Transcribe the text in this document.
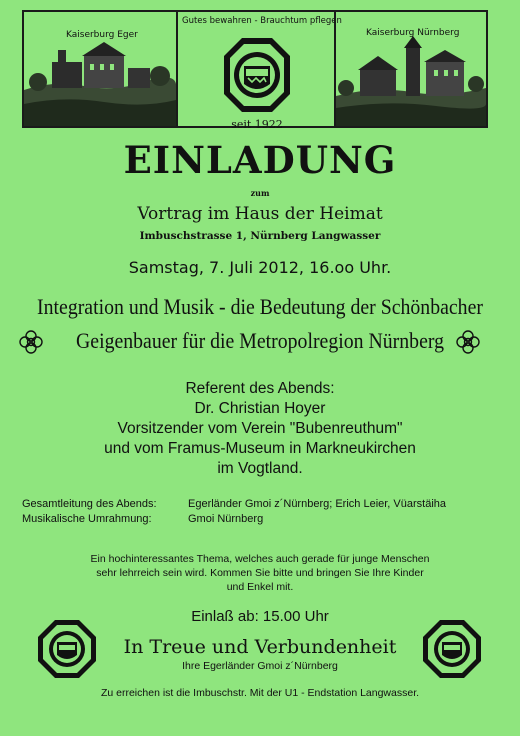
Kaiserburg Eger
Gutes bewahren - Brauchtum pflegen
seit 1922
Kaiserburg Nürnberg
EINLADUNG
zum
Vortrag im Haus der Heimat
Imbuschstrasse 1, Nürnberg Langwasser
Samstag, 7. Juli 2012, 16.oo Uhr.
Integration und Musik - die Bedeutung der Schönbacher
Geigenbauer für die Metropolregion Nürnberg
Referent des Abends:
Dr. Christian Hoyer
Vorsitzender vom Verein "Bubenreuthum"
und vom Framus-Museum in Markneukirchen
im Vogtland.
Gesamtleitung des Abends:	Egerländer Gmoi z´Nürnberg; Erich Leier, Vüarstäiha
Musikalische Umrahmung:	Gmoi Nürnberg
Ein hochinteressantes Thema, welches auch gerade für junge Menschen
sehr lehrreich sein wird. Kommen Sie bitte und bringen Sie Ihre Kinder
und Enkel mit.
Einlaß ab: 15.00 Uhr
In Treue und Verbundenheit
Ihre Egerländer Gmoi z´Nürnberg
Zu erreichen ist die Imbuschstr. Mit der U1 - Endstation Langwasser.
